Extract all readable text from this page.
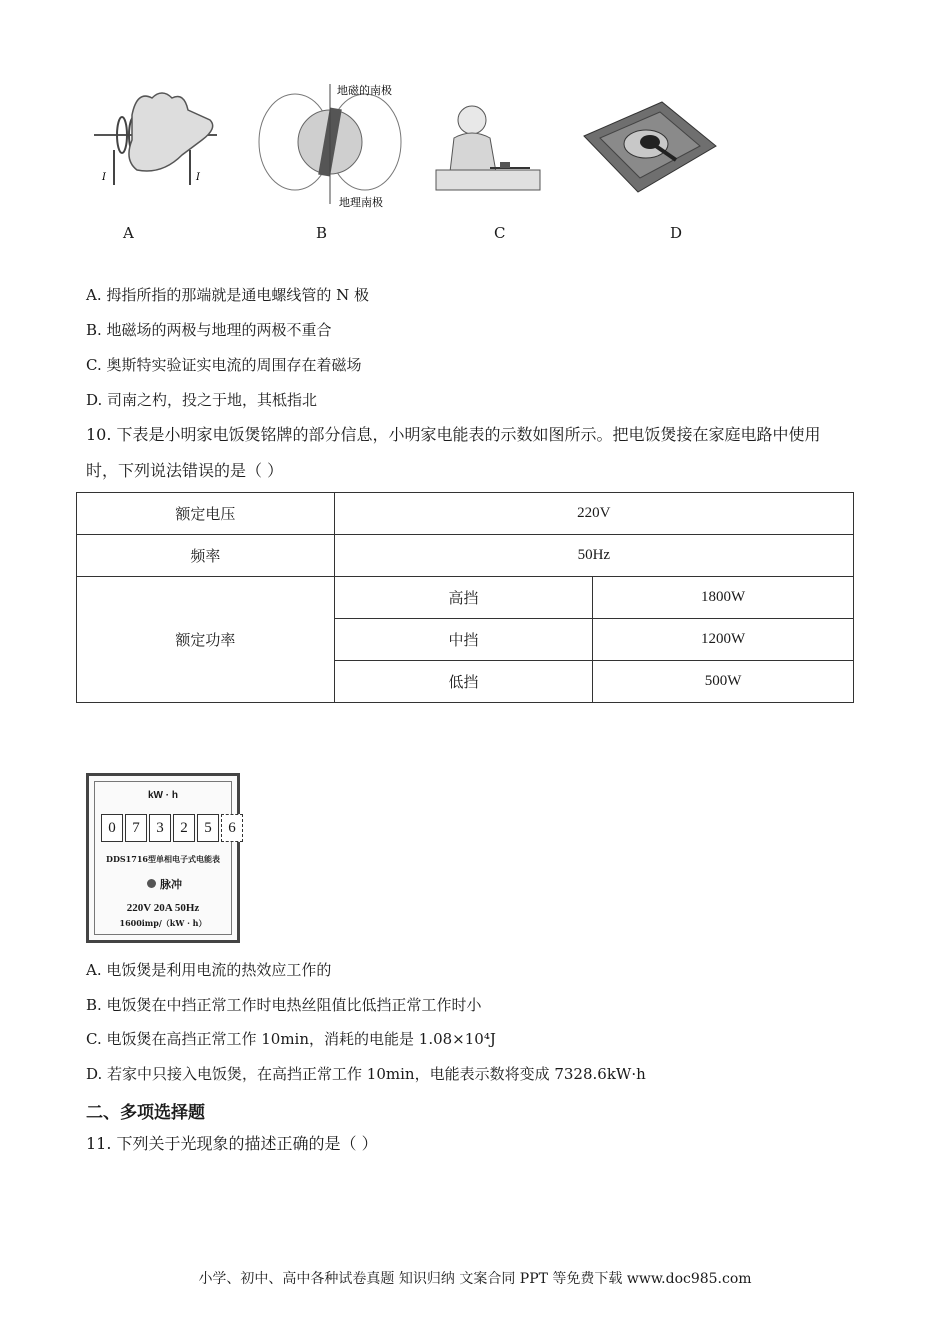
I	I
A
地磁的南极
地理南极
B	C	D
A. 拇指所指的那端就是通电螺线管的 N 极
B. 地磁场的两极与地理的两极不重合
C. 奥斯特实验证实电流的周围存在着磁场
D. 司南之杓，投之于地，其柢指北
10. 下表是小明家电饭煲铭牌的部分信息，小明家电能表的示数如图所示。把电饭煲接在家庭电路中使用
时，下列说法错误的是（ ）
额定电压	220V	
频率	50Hz	
额定功率	高挡	1800W
	中挡	1200W
	低挡	500W
kW · h
0	7	3	2	5	6
DDS1716型单相电子式电能表
脉冲
220V 20A 50Hz
1600imp/（kW · h）
A. 电饭煲是利用电流的热效应工作的
B. 电饭煲在中挡正常工作时电热丝阻值比低挡正常工作时小
C. 电饭煲在高挡正常工作 10min，消耗的电能是 1.08×10⁴J
D. 若家中只接入电饭煲，在高挡正常工作 10min，电能表示数将变成 7328.6kW·h
二、多项选择题
11. 下列关于光现象的描述正确的是（ ）
小学、初中、高中各种试卷真题 知识归纳 文案合同 PPT 等免费下载 www.doc985.com
